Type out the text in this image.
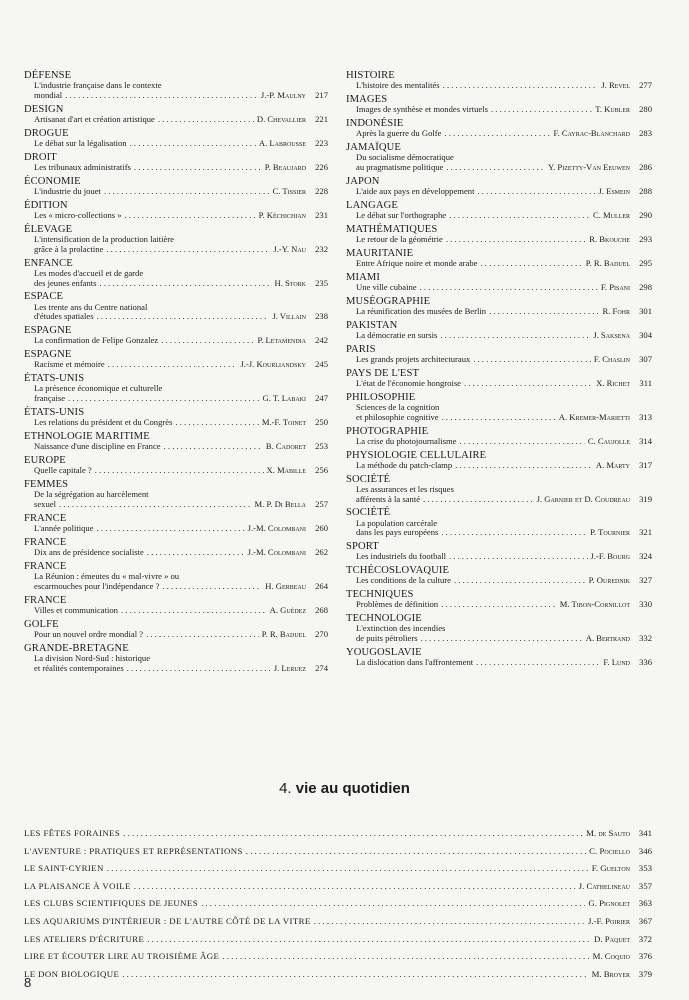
DÉFENSE
L'industrie française dans le contexte
mondial . . .	J.-P. Maulny	217
DESIGN
Artisanat d'art et création artistique . . .	D. Chevallier	221
DROGUE
Le débat sur la légalisation . . .	A. Labrousse	223
DROIT
Les tribunaux administratifs . . .	P. Beaujard	226
ÉCONOMIE
L'industrie du jouet . . .	C. Tissier	228
ÉDITION
Les « micro-collections » . . .	P. Kéchichian	231
ÉLEVAGE
L'intensification de la production laitière
grâce à la prolactine . . .	J.-Y. Nau	232
ENFANCE
Les modes d'accueil et de garde
des jeunes enfants . . .	H. Stork	235
ESPACE
Les trente ans du Centre national
d'études spatiales . . .	J. Villain	238
ESPAGNE
La confirmation de Felipe Gonzalez . . .	P. Letamendia	242
ESPAGNE
Racisme et mémoire . . .	J.-J. Kourliandsky	245
ÉTATS-UNIS
La présence économique et culturelle
française . . .	G. T. Labaki	247
ÉTATS-UNIS
Les relations du président et du Congrès . . .	M.-F. Toinet	250
ETHNOLOGIE MARITIME
Naissance d'une discipline en France . . .	B. Cadoret	253
EUROPE
Quelle capitale ? . . .	X. Mabille	256
FEMMES
De la ségrégation au harcèlement
sexuel . . .	M. P. Di Bella	257
FRANCE
L'année politique . . .	J.-M. Colombani	260
FRANCE
Dix ans de présidence socialiste . . .	J.-M. Colombani	262
FRANCE
La Réunion : émeutes du « mal-vivre » ou
escarmouches pour l'indépendance ? . . .	H. Gerbeau	264
FRANCE
Villes et communication . . .	A. Guédez	268
GOLFE
Pour un nouvel ordre mondial ? . . .	P. R. Baduel	270
GRANDE-BRETAGNE
La division Nord-Sud : historique
et réalités contemporaines . . .	J. Leruez	274
HISTOIRE
L'histoire des mentalités . . .	J. Revel	277
IMAGES
Images de synthèse et mondes virtuels . . .	T. Kubler	280
INDONÉSIE
Après la guerre du Golfe . . .	F. Cayrac-Blanchard	283
JAMAÏQUE
Du socialisme démocratique
au pragmatisme politique . . .	Y. Pizetty-Van Eeuwen	286
JAPON
L'aide aux pays en développement . . .	J. Esmein	288
LANGAGE
Le débat sur l'orthographe . . .	C. Muller	290
MATHÉMATIQUES
Le retour de la géométrie . . .	R. Bkouche	293
MAURITANIE
Entre Afrique noire et monde arabe . . .	P. R. Baduel	295
MIAMI
Une ville cubaine . . .	F. Pisani	298
MUSÉOGRAPHIE
La réunification des musées de Berlin . . .	R. Fohr	301
PAKISTAN
La démocratie en sursis . . .	J. Saksena	304
PARIS
Les grands projets architecturaux . . .	F. Chaslin	307
PAYS DE L'EST
L'état de l'économie hongroise . . .	X. Richet	311
PHILOSOPHIE
Sciences de la cognition
et philosophie cognitive . . .	A. Kremer-Marietti	313
PHOTOGRAPHIE
La crise du photojournalisme . . .	C. Caujolle	314
PHYSIOLOGIE CELLULAIRE
La méthode du patch-clamp . . .	A. Marty	317
SOCIÉTÉ
Les assurances et les risques
afférents à la santé . . .	J. Garnier et D. Coudreau	319
SOCIÉTÉ
La population carcérale
dans les pays européens . . .	P. Tournier	321
SPORT
Les industriels du football . . .	J.-F. Bourg	324
TCHÉCOSLOVAQUIE
Les conditions de la culture . . .	P. Ourednik	327
TECHNIQUES
Problèmes de définition . . .	M. Tibon-Cornillot	330
TECHNOLOGIE
L'extinction des incendies
de puits pétroliers . . .	A. Bertrand	332
YOUGOSLAVIE
La dislocation dans l'affrontement . . .	F. Lund	336
4. vie au quotidien
LES FÊTES FORAINES . . .	M. de Sauto 341
L'AVENTURE : PRATIQUES ET REPRÉSENTATIONS . . .	C. Pociello 346
LE SAINT-CYRIEN . . .	F. Guelton 353
LA PLAISANCE À VOILE . . .	J. Cathelineau 357
LES CLUBS SCIENTIFIQUES DE JEUNES . . .	G. Pignolet 363
LES AQUARIUMS D'INTÉRIEUR : DE L'AUTRE CÔTÉ DE LA VITRE . . .	J.-F. Poirier 367
LES ATELIERS D'ÉCRITURE . . .	D. Paquet 372
LIRE ET ÉCOUTER LIRE AU TROISIÈME ÂGE . . .	M. Coquio 376
LE DON BIOLOGIQUE . . .	M. Broyer 379
8
